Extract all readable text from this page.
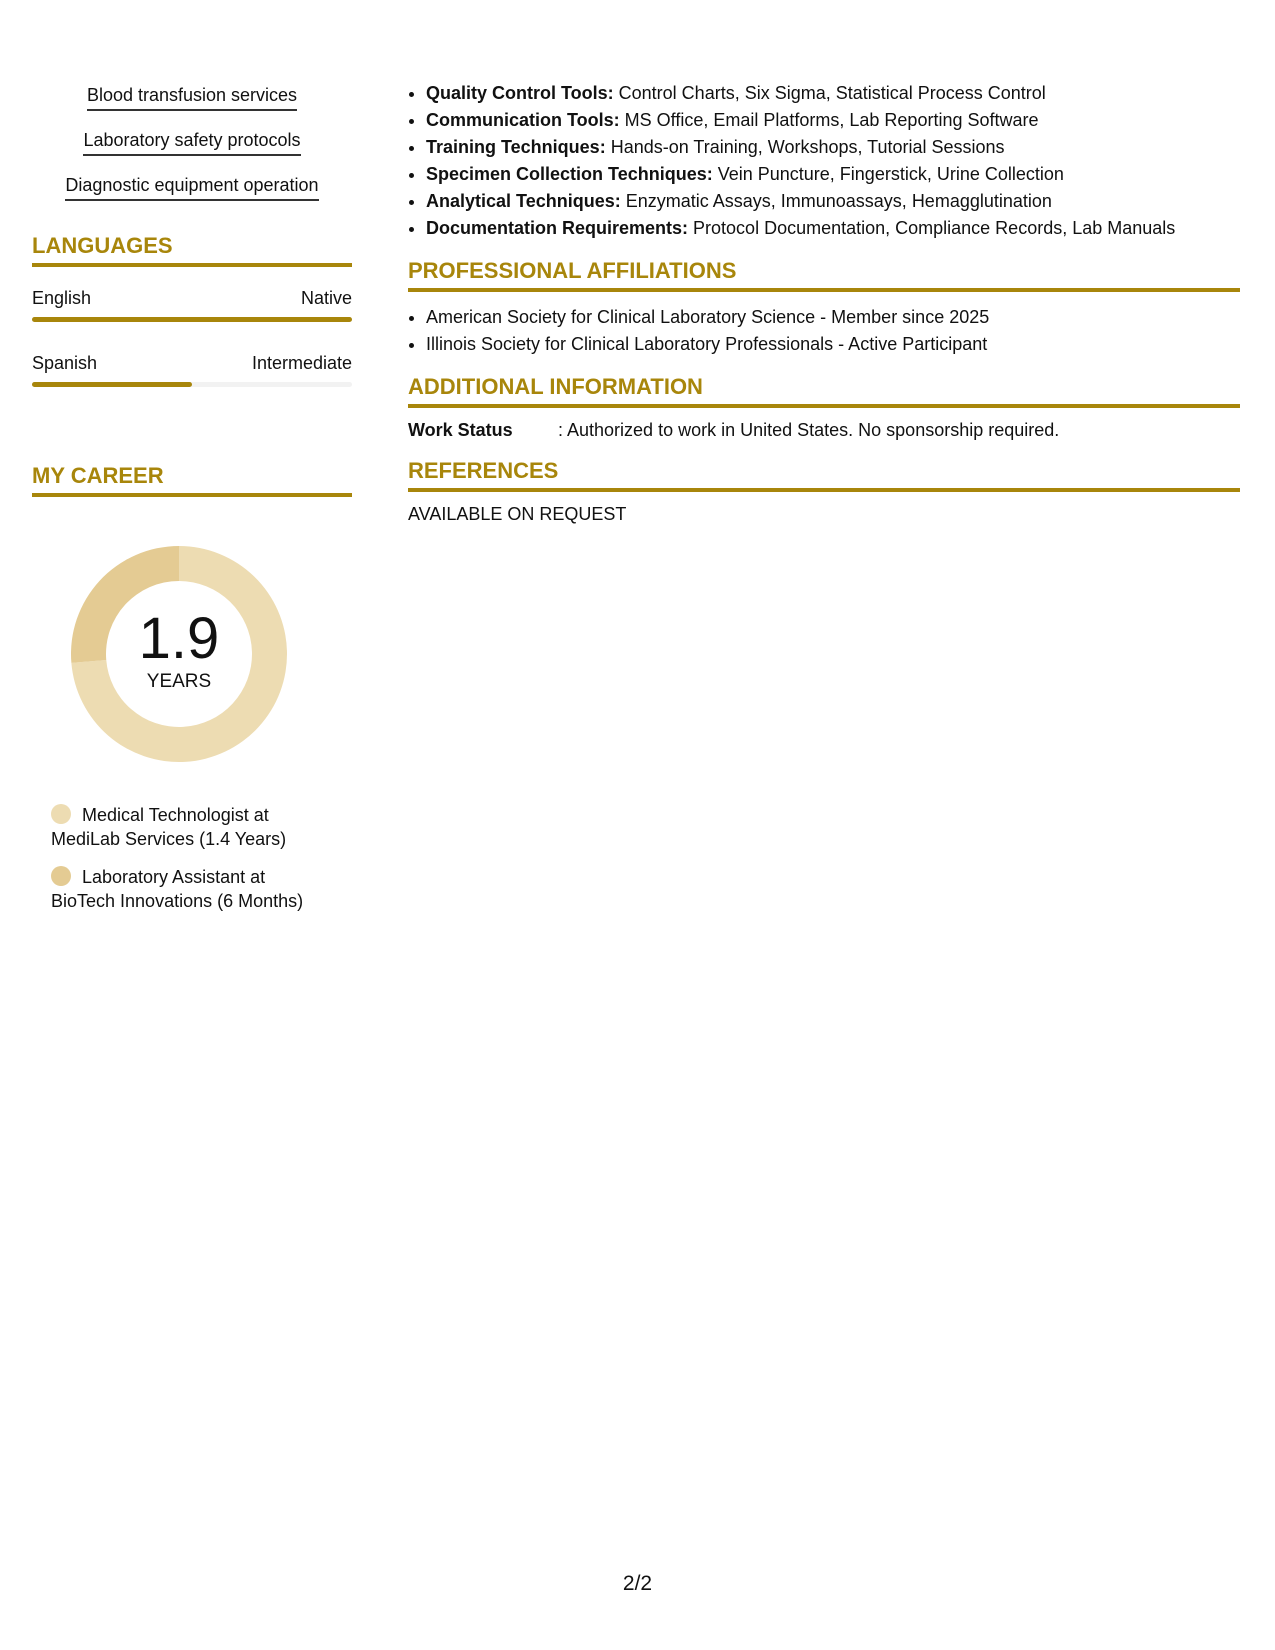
Blood transfusion services
Laboratory safety protocols
Diagnostic equipment operation
LANGUAGES
English	Native
Spanish	Intermediate
MY CAREER
1.9
YEARS
Medical Technologist at MediLab Services (1.4 Years)
Laboratory Assistant at BioTech Innovations (6 Months)
• Quality Control Tools: Control Charts, Six Sigma, Statistical Process Control
• Communication Tools: MS Office, Email Platforms, Lab Reporting Software
• Training Techniques: Hands-on Training, Workshops, Tutorial Sessions
• Specimen Collection Techniques: Vein Puncture, Fingerstick, Urine Collection
• Analytical Techniques: Enzymatic Assays, Immunoassays, Hemagglutination
• Documentation Requirements: Protocol Documentation, Compliance Records, Lab Manuals
PROFESSIONAL AFFILIATIONS
• American Society for Clinical Laboratory Science - Member since 2025
• Illinois Society for Clinical Laboratory Professionals - Active Participant
ADDITIONAL INFORMATION
Work Status	: Authorized to work in United States. No sponsorship required.
REFERENCES
AVAILABLE ON REQUEST
2/2
